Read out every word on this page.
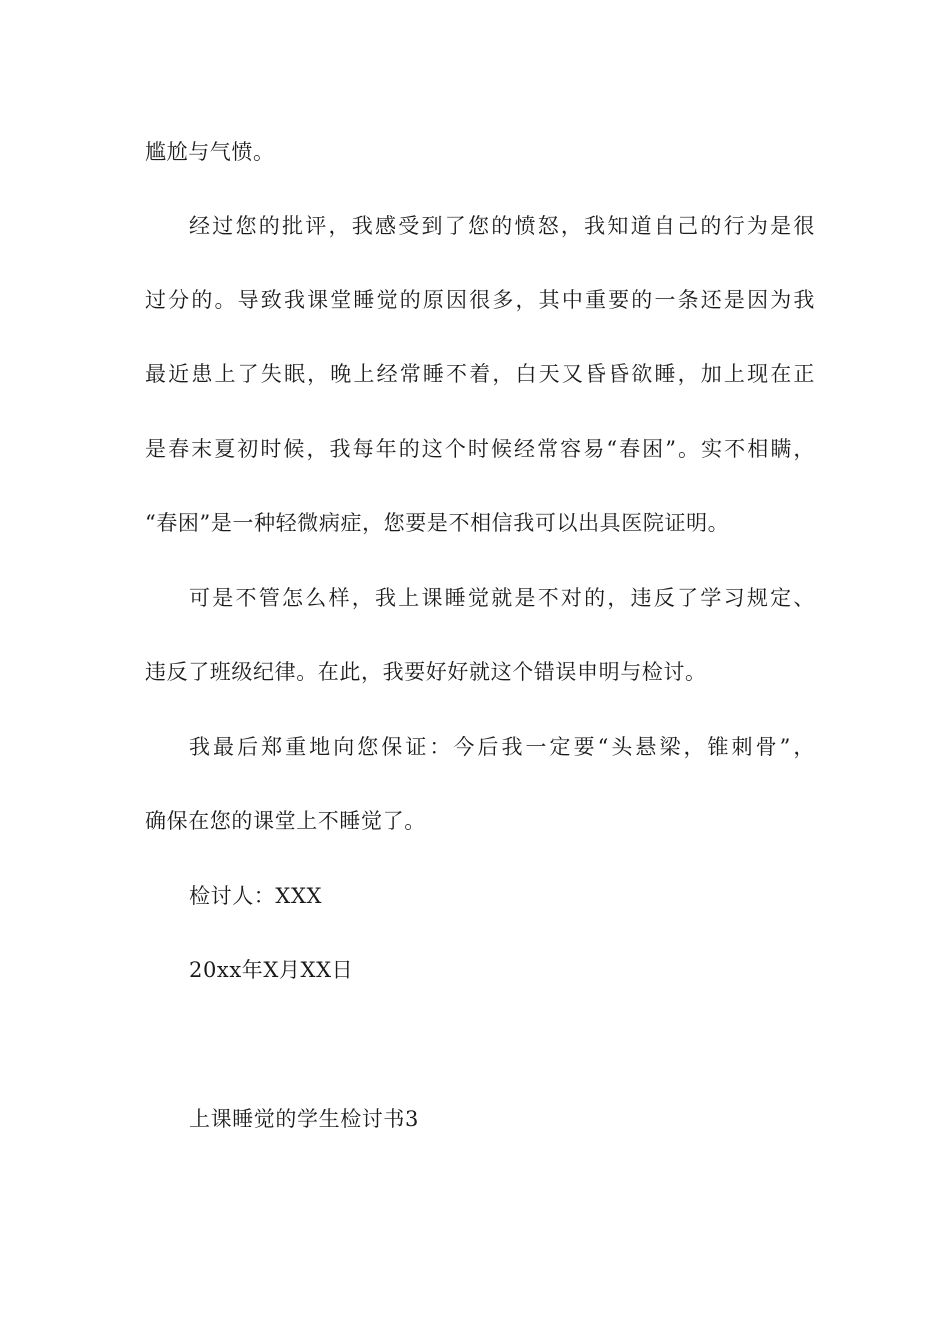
尴尬与气愤。
经过您的批评，我感受到了您的愤怒，我知道自己的行为是很
过分的。导致我课堂睡觉的原因很多，其中重要的一条还是因为我
最近患上了失眠，晚上经常睡不着，白天又昏昏欲睡，加上现在正
是春末夏初时候，我每年的这个时候经常容易“春困”。实不相瞒，
“春困”是一种轻微病症，您要是不相信我可以出具医院证明。
可是不管怎么样，我上课睡觉就是不对的，违反了学习规定、
违反了班级纪律。在此，我要好好就这个错误申明与检讨。
我最后郑重地向您保证：今后我一定要“头悬梁，锥刺骨”，
确保在您的课堂上不睡觉了。
检讨人：XXX
20xx年X月XX日
上课睡觉的学生检讨书3
